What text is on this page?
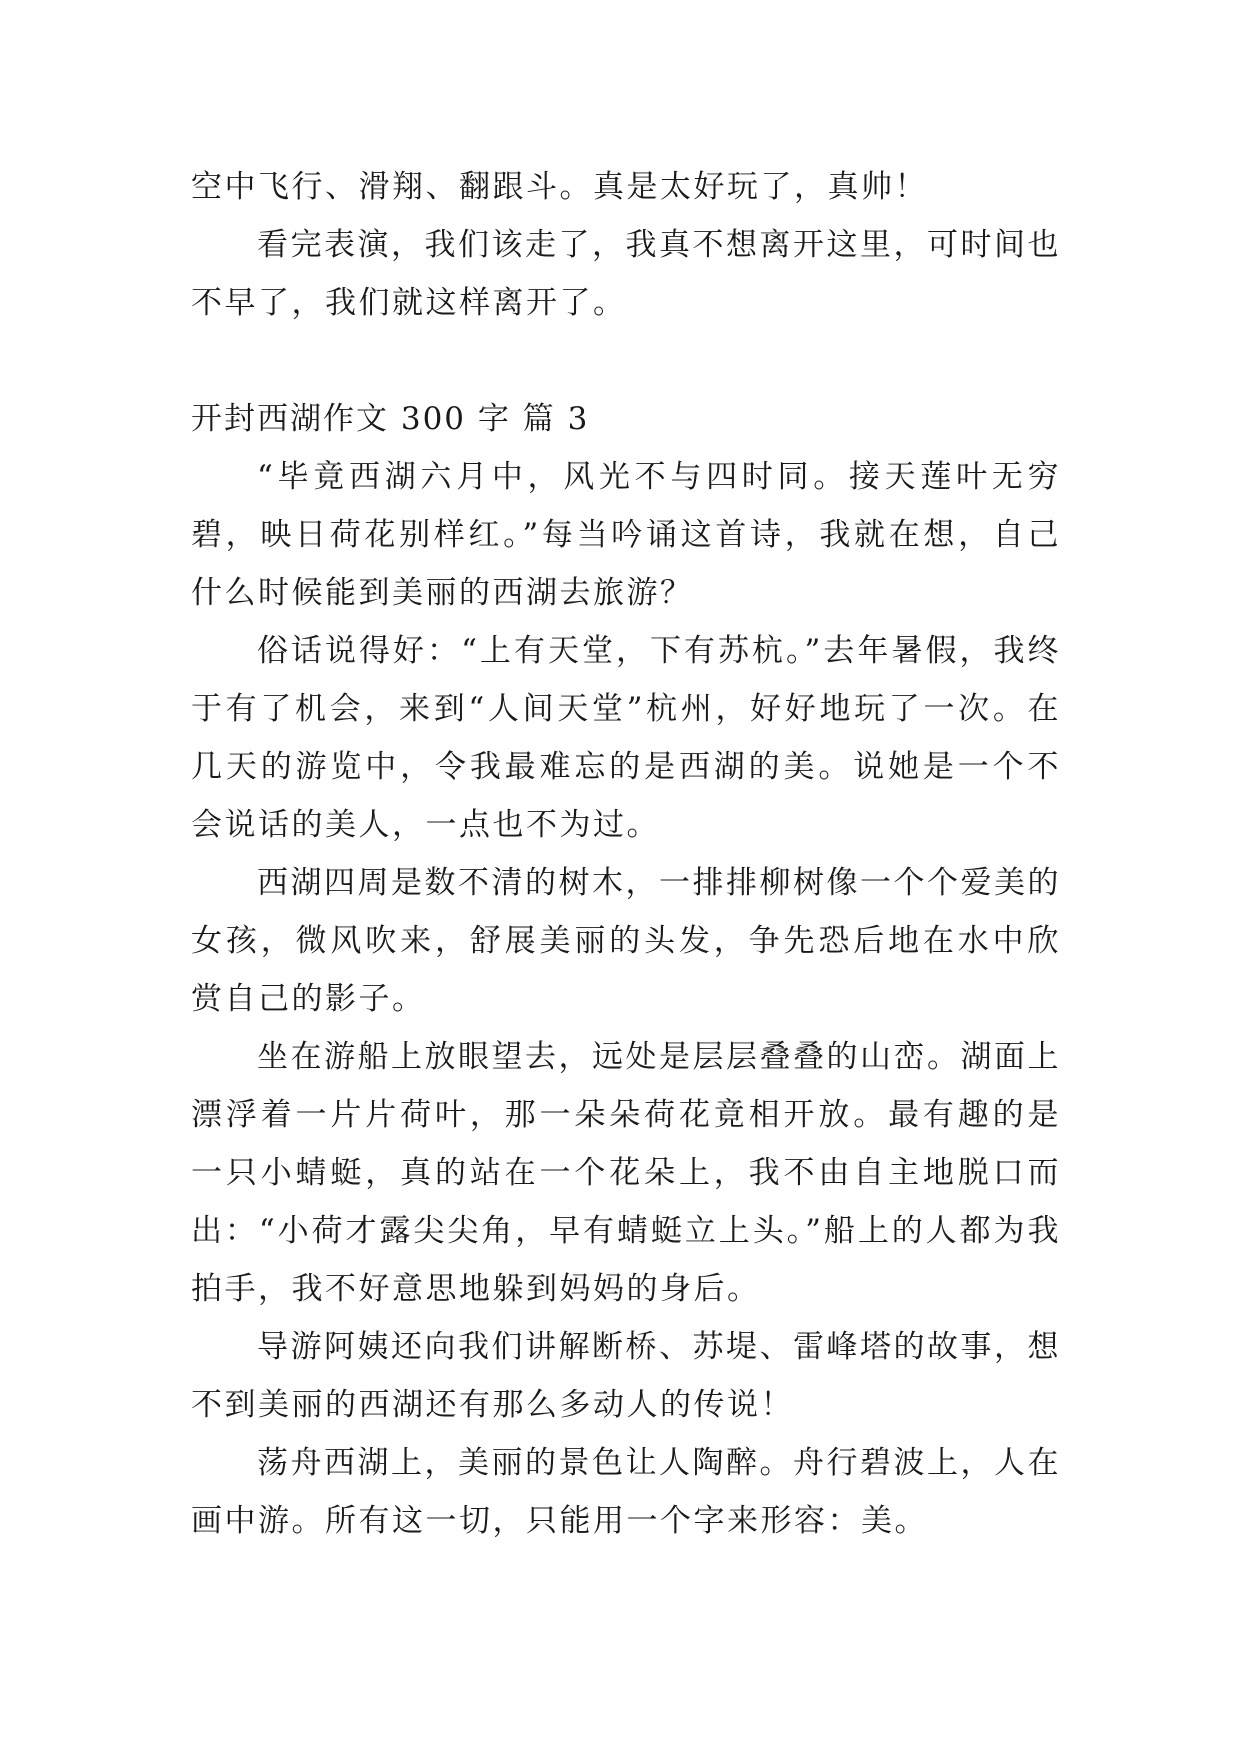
空中飞行、滑翔、翻跟斗。真是太好玩了，真帅！

看完表演，我们该走了，我真不想离开这里，可时间也不早了，我们就这样离开了。

开封西湖作文 300 字 篇 3

“毕竟西湖六月中，风光不与四时同。接天莲叶无穷碧，映日荷花别样红。”每当吟诵这首诗，我就在想，自己什么时候能到美丽的西湖去旅游？

俗话说得好：“上有天堂，下有苏杭。”去年暑假，我终于有了机会，来到“人间天堂”杭州，好好地玩了一次。在几天的游览中，令我最难忘的是西湖的美。说她是一个不会说话的美人，一点也不为过。

西湖四周是数不清的树木，一排排柳树像一个个爱美的女孩，微风吹来，舒展美丽的头发，争先恐后地在水中欣赏自己的影子。

坐在游船上放眼望去，远处是层层叠叠的山峦。湖面上漂浮着一片片荷叶，那一朵朵荷花竟相开放。最有趣的是一只小蜻蜓，真的站在一个花朵上，我不由自主地脱口而出：“小荷才露尖尖角，早有蜻蜓立上头。”船上的人都为我拍手，我不好意思地躲到妈妈的身后。

导游阿姨还向我们讲解断桥、苏堤、雷峰塔的故事，想不到美丽的西湖还有那么多动人的传说！

荡舟西湖上，美丽的景色让人陶醉。舟行碧波上，人在画中游。所有这一切，只能用一个字来形容：美。
